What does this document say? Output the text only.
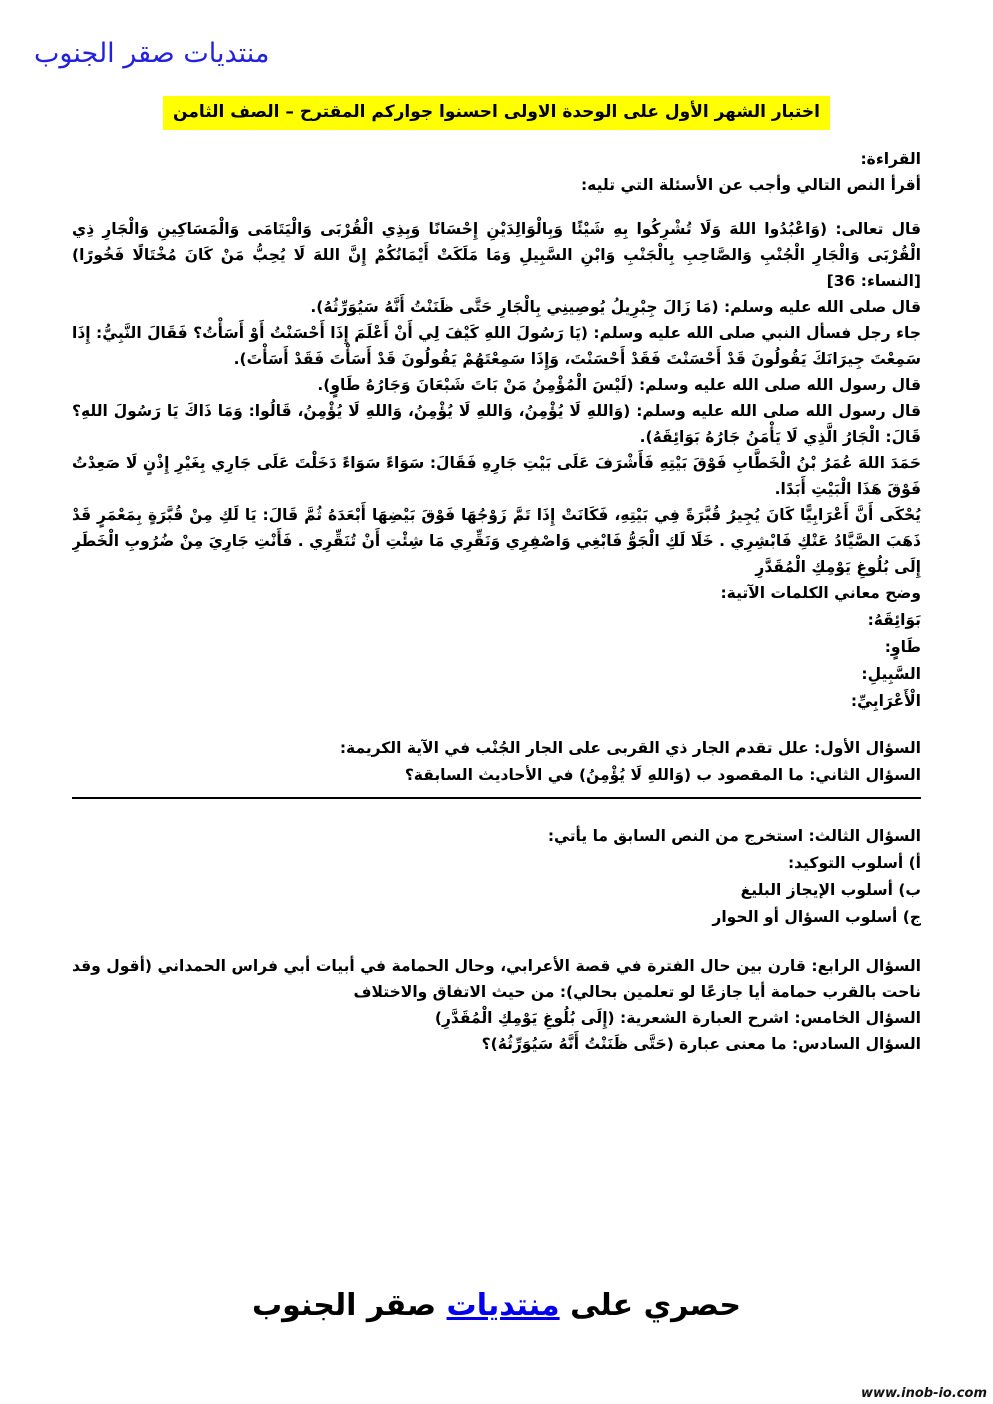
منتديات صقر الجنوب
اختبار الشهر الأول على الوحدة الاولى احسنوا جواركم المقترح – الصف الثامن

القراءة:

أقرأ النص التالي وأجب عن الأسئلة التي تليه:

قال تعالى: (وَاعْبُدُوا اللهَ وَلَا تُشْرِكُوا بِهِ شَيْئًا وَبِالْوَالِدَيْنِ إِحْسَانًا وَبِذِي الْقُرْبَى وَالْيَتَامَى وَالْمَسَاكِينِ وَالْجَارِ ذِي الْقُرْبَى وَالْجَارِ الْجُنْبِ وَالصَّاحِبِ بِالْجَنْبِ وَابْنِ السَّبِيلِ وَمَا مَلَكَتْ أَيْمَانُكُمْ إِنَّ اللهَ لَا يُحِبُّ مَنْ كَانَ مُخْتَالًا فَخُورًا) [النساء: 36]

قال صلى الله عليه وسلم: (مَا زَالَ جِبْرِيلُ يُوصِينِي بِالْجَارِ حَتَّى ظَنَنْتُ أَنَّهُ سَيُوَرِّثُهُ).

جاء رجل فسأل النبي صلى الله عليه وسلم: (يَا رَسُولَ اللهِ كَيْفَ لِي أَنْ أَعْلَمَ إِذَا أَحْسَنْتُ أَوْ أَسَأْتُ؟ فَقَالَ النَّبِيُّ: إِذَا سَمِعْتَ جِيرَانَكَ يَقُولُونَ قَدْ أَحْسَنْتَ فَقَدْ أَحْسَنْتَ، وَإِذَا سَمِعْتَهُمْ يَقُولُونَ قَدْ أَسَأْتَ فَقَدْ أَسَأْتَ).

قال رسول الله صلى الله عليه وسلم: (لَيْسَ الْمُؤْمِنُ مَنْ بَاتَ شَبْعَانَ وَجَارُهُ طَاوٍ).

قال رسول الله صلى الله عليه وسلم: (وَاللهِ لَا يُؤْمِنُ، وَاللهِ لَا يُؤْمِنُ، وَاللهِ لَا يُؤْمِنُ، قَالُوا: وَمَا ذَاكَ يَا رَسُولَ اللهِ؟ قَالَ: الْجَارُ الَّذِي لَا يَأْمَنُ جَارُهُ بَوَائِقَهُ).

حَمَدَ اللهَ عُمَرُ بْنُ الْخَطَّابِ فَوْقَ بَيْتِهِ فَأَشْرَفَ عَلَى بَيْتِ جَارِهِ فَقَالَ: سَوَاءً سَوَاءً دَخَلْتَ عَلَى جَارِي بِغَيْرِ إِذْنٍ لَا صَعِدْتُ فَوْقَ هَذَا الْبَيْتِ أَبَدًا.

يُحْكَى أَنَّ أَعْرَابِيًّا كَانَ يُجِيرُ قُبَّرَةً فِي بَيْتِهِ، فَكَانَتْ إِذَا تَمَّ زَوْجُهَا فَوْقَ بَيْضِهَا أَبْعَدَهُ ثُمَّ قَالَ: يَا لَكِ مِنْ قُبَّرَةٍ بِمَعْمَرٍ قَدْ ذَهَبَ الصَّيَّادُ عَنْكِ فَابْشِرِي . خَلَا لَكِ الْجَوُّ فَابْغِي وَاصْفِرِي وَنَقِّرِي مَا شِئْتِ أَنْ تُنَقِّرِي . فَأَنْتِ جَارِيَ مِنْ ضُرُوبِ الْخَطَرِ إِلَى بُلُوغِ يَوْمِكِ الْمُقَدَّرِ

وضح معاني الكلمات الآتية:

بَوَائِقَهُ:

طَاوٍ:

السَّبِيلِ:

الْأَعْرَابِيِّ:

السؤال الأول: علل تقدم الجار ذي القربى على الجار الجُنْب في الآية الكريمة:

السؤال الثاني: ما المقصود ب (وَاللهِ لَا يُؤْمِنُ) في الأحاديث السابقة؟

السؤال الثالث: استخرج من النص السابق ما يأتي:

أ) أسلوب التوكيد:

ب) أسلوب الإيجاز البليغ

ج) أسلوب السؤال أو الحوار

السؤال الرابع: قارن بين حال الفترة في قصة الأعرابي، وحال الحمامة في أبيات أبي فراس الحمداني (أقول وقد ناحت بالقرب حمامة أيا جازعًا لو تعلمين بحالي): من حيث الاتفاق والاختلاف

السؤال الخامس: اشرح العبارة الشعرية: (إِلَى بُلُوغِ يَوْمِكِ الْمُقَدَّرِ)

السؤال السادس: ما معنى عبارة (حَتَّى ظَنَنْتُ أَنَّهُ سَيُوَرِّثُهُ)؟

حصري على منتديات صقر الجنوب
www.inob-io.com
